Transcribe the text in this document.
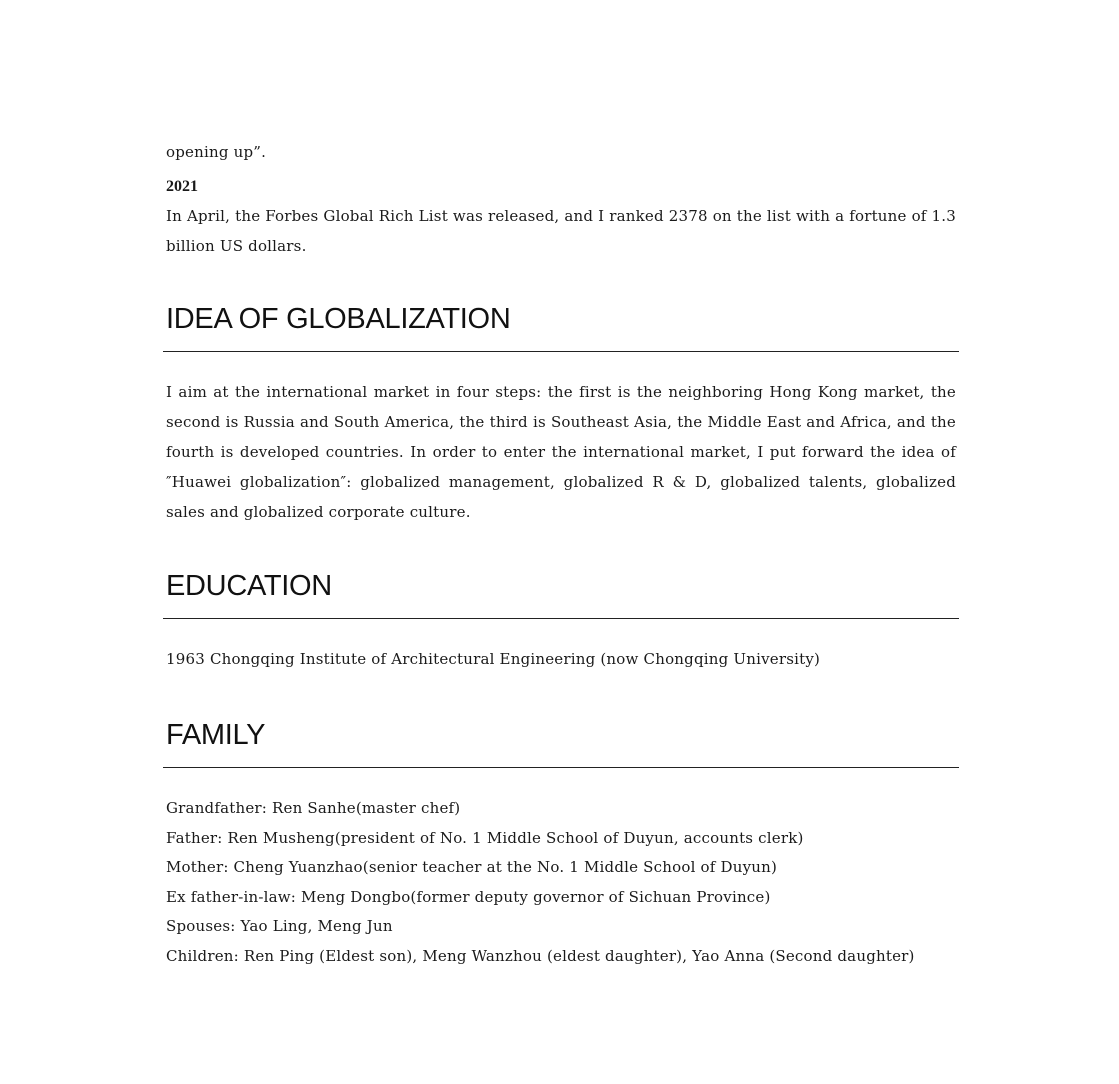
opening up”.

2021

In April, the Forbes Global Rich List was released, and I ranked 2378 on the list with a fortune of 1.3 billion US dollars.

IDEA OF GLOBALIZATION

I aim at the international market in four steps: the first is the neighboring Hong Kong market, the second is Russia and South America, the third is Southeast Asia, the Middle East and Africa, and the fourth is developed countries. In order to enter the international market, I put forward the idea of ″Huawei globalization″: globalized management, globalized R & D, globalized talents, globalized sales and globalized corporate culture.

EDUCATION

1963 Chongqing Institute of Architectural Engineering (now Chongqing University)

FAMILY

Grandfather: Ren Sanhe(master chef)

Father: Ren Musheng(president of No. 1 Middle School of Duyun, accounts clerk)

Mother: Cheng Yuanzhao(senior teacher at the No. 1 Middle School of Duyun)

Ex father-in-law: Meng Dongbo(former deputy governor of Sichuan Province)

Spouses: Yao Ling, Meng Jun

Children: Ren Ping (Eldest son), Meng Wanzhou (eldest daughter), Yao Anna (Second daughter)
